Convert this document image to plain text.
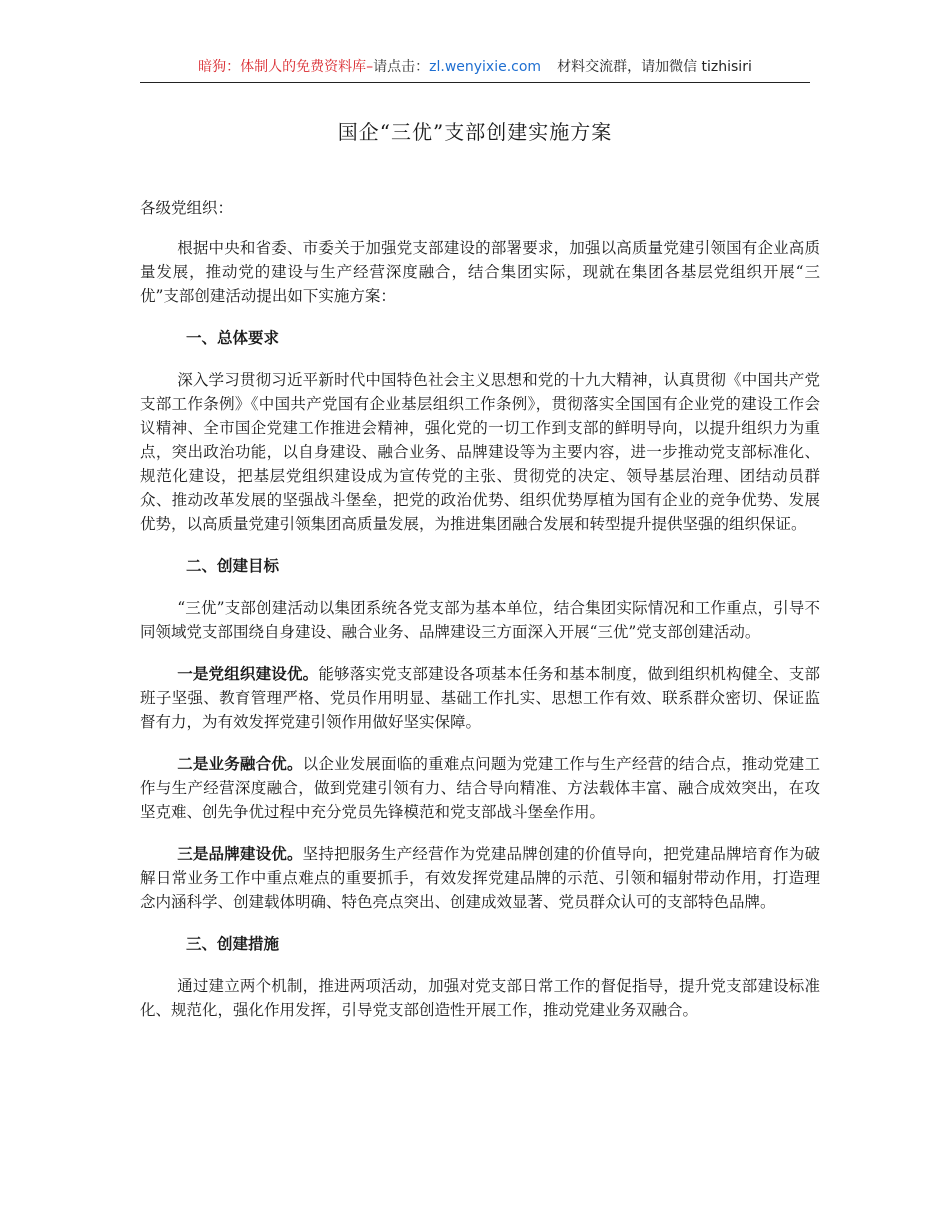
暗狗：体制人的免费资料库–请点击：zl.wenyixie.com 材料交流群，请加微信 tizhisiri
国企“三优”支部创建实施方案

各级党组织：

根据中央和省委、市委关于加强党支部建设的部署要求，加强以高质量党建引领国有企业高质量发展，推动党的建设与生产经营深度融合，结合集团实际，现就在集团各基层党组织开展“三优”支部创建活动提出如下实施方案：

一、总体要求

深入学习贯彻习近平新时代中国特色社会主义思想和党的十九大精神，认真贯彻《中国共产党支部工作条例》《中国共产党国有企业基层组织工作条例》，贯彻落实全国国有企业党的建设工作会议精神、全市国企党建工作推进会精神，强化党的一切工作到支部的鲜明导向，以提升组织力为重点，突出政治功能，以自身建设、融合业务、品牌建设等为主要内容，进一步推动党支部标准化、规范化建设，把基层党组织建设成为宣传党的主张、贯彻党的决定、领导基层治理、团结动员群众、推动改革发展的坚强战斗堡垒，把党的政治优势、组织优势厚植为国有企业的竞争优势、发展优势，以高质量党建引领集团高质量发展，为推进集团融合发展和转型提升提供坚强的组织保证。

二、创建目标

“三优”支部创建活动以集团系统各党支部为基本单位，结合集团实际情况和工作重点，引导不同领域党支部围绕自身建设、融合业务、品牌建设三方面深入开展“三优”党支部创建活动。

一是党组织建设优。能够落实党支部建设各项基本任务和基本制度，做到组织机构健全、支部班子坚强、教育管理严格、党员作用明显、基础工作扎实、思想工作有效、联系群众密切、保证监督有力，为有效发挥党建引领作用做好坚实保障。

二是业务融合优。以企业发展面临的重难点问题为党建工作与生产经营的结合点，推动党建工作与生产经营深度融合，做到党建引领有力、结合导向精准、方法载体丰富、融合成效突出，在攻坚克难、创先争优过程中充分党员先锋模范和党支部战斗堡垒作用。

三是品牌建设优。坚持把服务生产经营作为党建品牌创建的价值导向，把党建品牌培育作为破解日常业务工作中重点难点的重要抓手，有效发挥党建品牌的示范、引领和辐射带动作用，打造理念内涵科学、创建载体明确、特色亮点突出、创建成效显著、党员群众认可的支部特色品牌。

三、创建措施

通过建立两个机制，推进两项活动，加强对党支部日常工作的督促指导，提升党支部建设标准化、规范化，强化作用发挥，引导党支部创造性开展工作，推动党建业务双融合。
